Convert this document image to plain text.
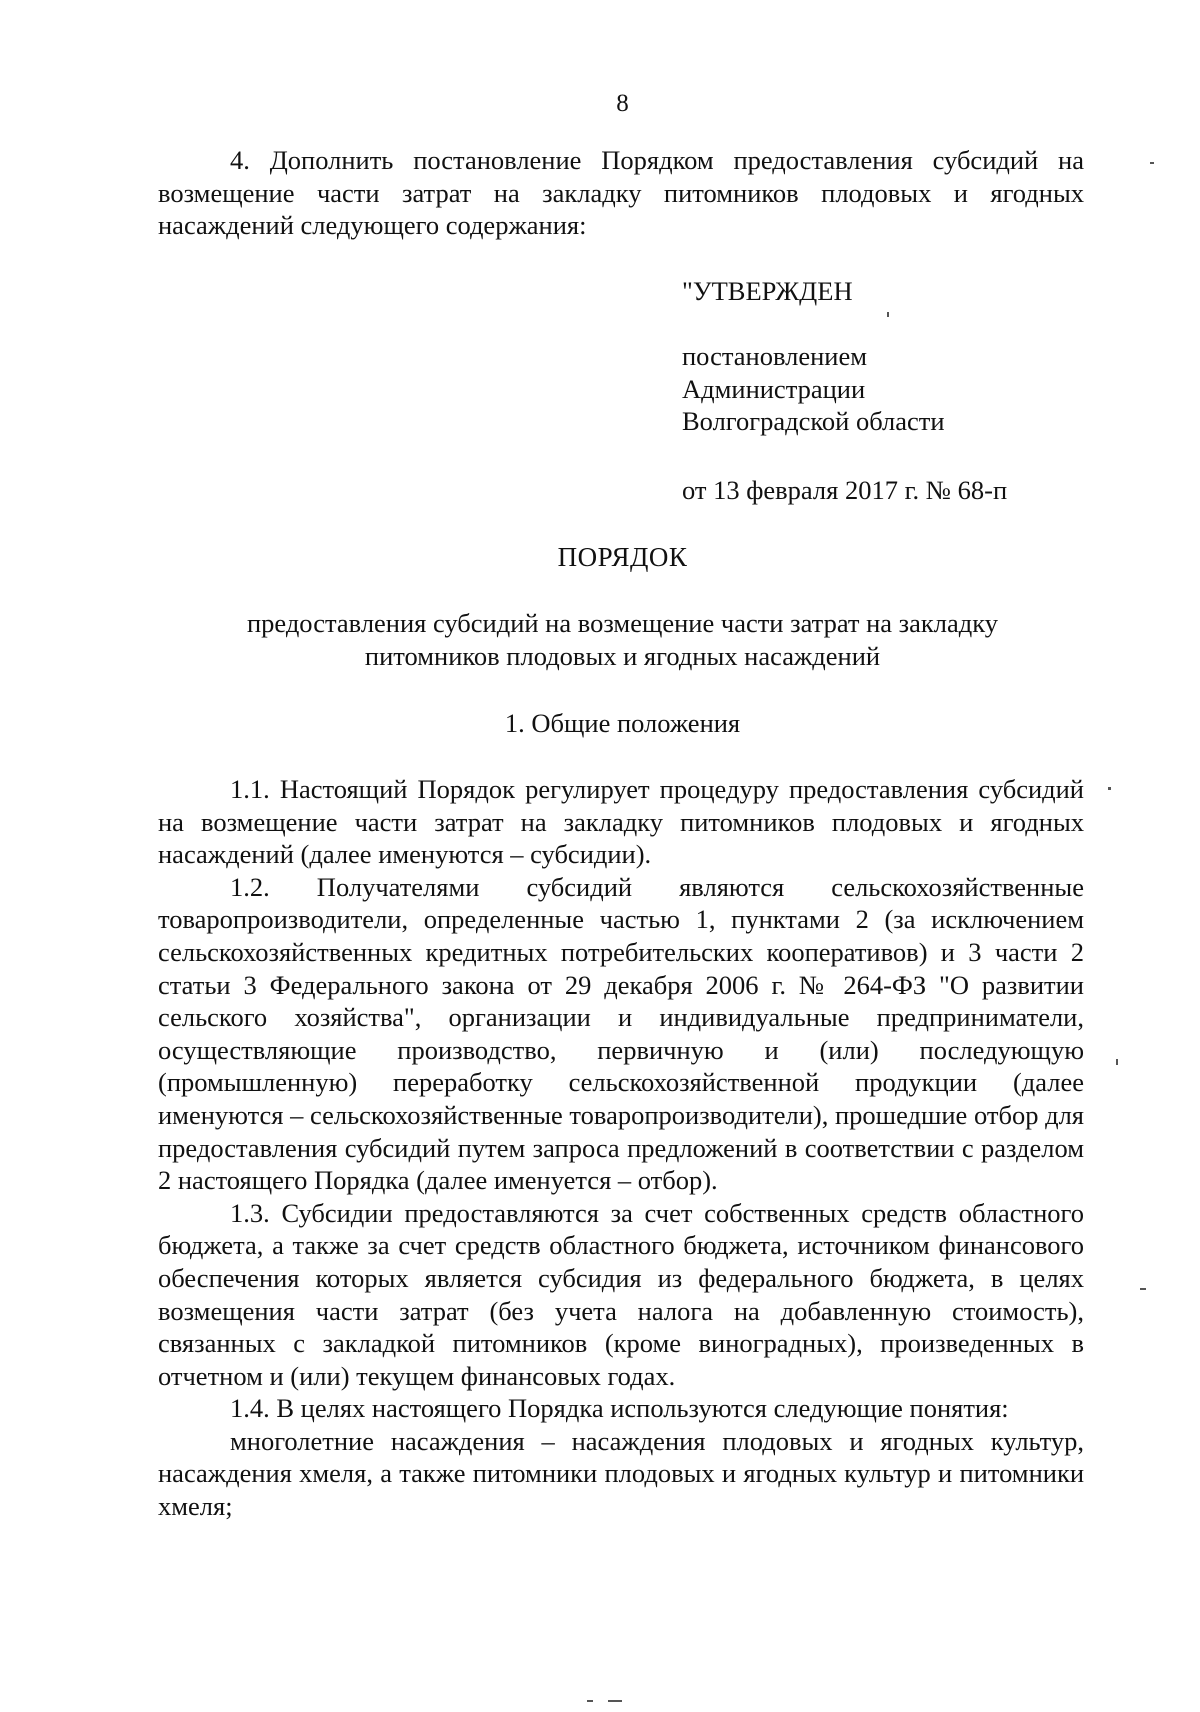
8

4. Дополнить постановление Порядком предоставления субсидий на возмещение части затрат на закладку питомников плодовых и ягодных насаждений следующего содержания:

"УТВЕРЖДЕН
постановлением
Администрации
Волгоградской области
от 13 февраля 2017 г. № 68-п
ПОРЯДОК
предоставления субсидий на возмещение части затрат на закладку
питомников плодовых и ягодных насаждений
1. Общие положения

1.1. Настоящий Порядок регулирует процедуру предоставления субсидий на возмещение части затрат на закладку питомников плодовых и ягодных насаждений (далее именуются – субсидии).

1.2. Получателями субсидий являются сельскохозяйственные товаропроизводители, определенные частью 1, пунктами 2 (за исключением сельскохозяйственных кредитных потребительских кооперативов) и 3 части 2 статьи 3 Федерального закона от 29 декабря 2006 г. № 264-ФЗ "О развитии сельского хозяйства", организации и индивидуальные предприниматели, осуществляющие производство, первичную и (или) последующую (промышленную) переработку сельскохозяйственной продукции (далее именуются – сельскохозяйственные товаропроизводители), прошедшие отбор для предоставления субсидий путем запроса предложений в соответствии с разделом 2 настоящего Порядка (далее именуется – отбор).

1.3. Субсидии предоставляются за счет собственных средств областного бюджета, а также за счет средств областного бюджета, источником финансового обеспечения которых является субсидия из федерального бюджета, в целях возмещения части затрат (без учета налога на добавленную стоимость), связанных с закладкой питомников (кроме виноградных), произведенных в отчетном и (или) текущем финансовых годах.

1.4. В целях настоящего Порядка используются следующие понятия:

многолетние насаждения – насаждения плодовых и ягодных культур, насаждения хмеля, а также питомники плодовых и ягодных культур и питомники хмеля;
